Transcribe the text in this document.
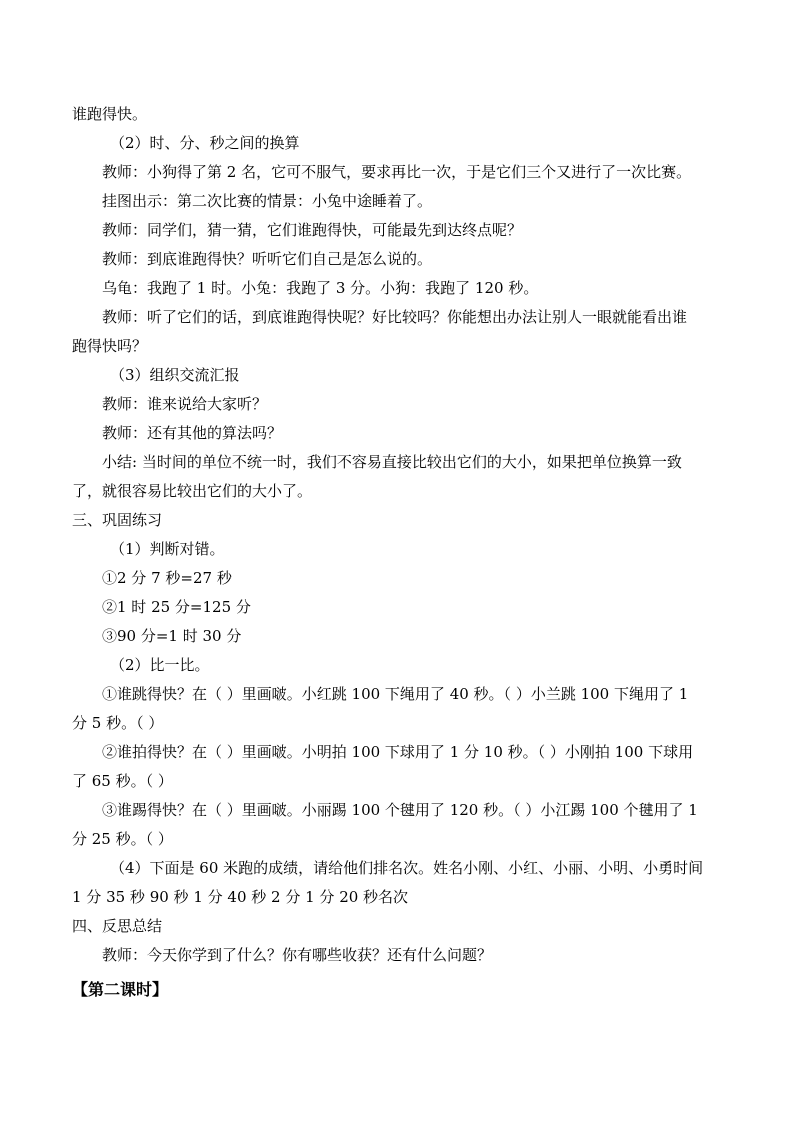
谁跑得快。
（2）时、分、秒之间的换算
教师：小狗得了第 2 名，它可不服气，要求再比一次，于是它们三个又进行了一次比赛。
挂图出示：第二次比赛的情景：小兔中途睡着了。
教师：同学们，猜一猜，它们谁跑得快，可能最先到达终点呢？
教师：到底谁跑得快？听听它们自己是怎么说的。
乌龟：我跑了 1 时。小兔：我跑了 3 分。小狗：我跑了 120 秒。
教师：听了它们的话，到底谁跑得快呢？好比较吗？你能想出办法让别人一眼就能看出谁
跑得快吗？
（3）组织交流汇报
教师：谁来说给大家听？
教师：还有其他的算法吗？
小结: 当时间的单位不统一时，我们不容易直接比较出它们的大小，如果把单位换算一致
了，就很容易比较出它们的大小了。
三、巩固练习
（1）判断对错。
①2 分 7 秒=27 秒
②1 时 25 分=125 分
③90 分=1 时 30 分
（2）比一比。
①谁跳得快？在（ ）里画啵。小红跳 100 下绳用了 40 秒。（ ）小兰跳 100 下绳用了 1
分 5 秒。（ ）
②谁拍得快？在（ ）里画啵。小明拍 100 下球用了 1 分 10 秒。（ ）小刚拍 100 下球用
了 65 秒。（ ）
③谁踢得快？在（ ）里画啵。小丽踢 100 个毽用了 120 秒。（ ）小江踢 100 个毽用了 1
分 25 秒。（ ）
（4）下面是 60 米跑的成绩，请给他们排名次。姓名小刚、小红、小丽、小明、小勇时间
1 分 35 秒 90 秒 1 分 40 秒 2 分 1 分 20 秒名次
四、反思总结
教师：今天你学到了什么？你有哪些收获？还有什么问题？
【第二课时】
